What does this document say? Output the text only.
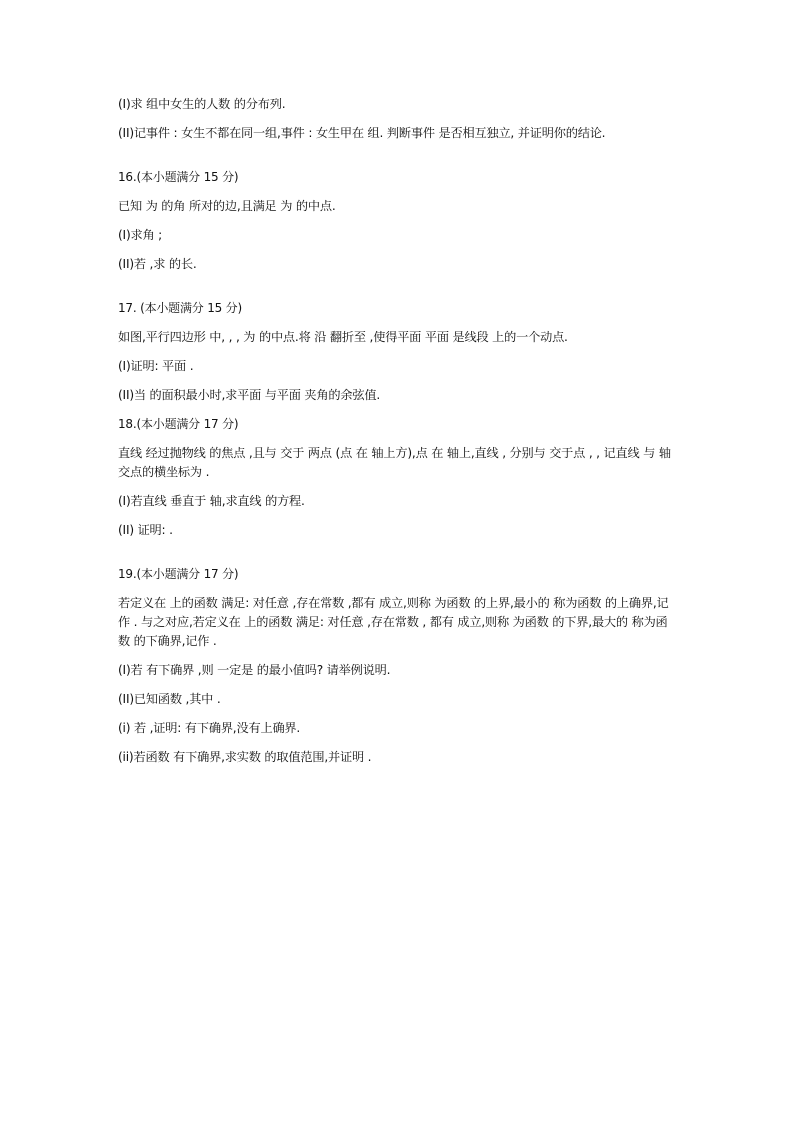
(I)求 组中女生的人数 的分布列.

(II)记事件 : 女生不都在同一组,事件 : 女生甲在 组. 判断事件 是否相互独立, 并证明你的结论.

16.(本小题满分 15 分)

已知 为 的角 所对的边,且满足 为 的中点.

(I)求角 ;

(II)若 ,求 的长.

17. (本小题满分 15 分)

如图,平行四边形 中, , , 为 的中点.将 沿 翻折至 ,使得平面 平面 是线段 上的一个动点.

(I)证明: 平面 .

(II)当 的面积最小时,求平面 与平面 夹角的余弦值.

18.(本小题满分 17 分)

直线 经过抛物线 的焦点 ,且与 交于 两点 (点 在 轴上方),点 在 轴上,直线 , 分别与 交于点 , , 记直线 与 轴交点的横坐标为 .

(I)若直线 垂直于 轴,求直线 的方程.

(II) 证明: .

19.(本小题满分 17 分)

若定义在 上的函数 满足: 对任意 ,存在常数 ,都有 成立,则称 为函数 的上界,最小的 称为函数 的上确界,记作 . 与之对应,若定义在 上的函数 满足: 对任意 ,存在常数 , 都有 成立,则称 为函数 的下界,最大的 称为函数 的下确界,记作 .

(I)若 有下确界 ,则 一定是 的最小值吗? 请举例说明.

(II)已知函数 ,其中 .

(i) 若 ,证明: 有下确界,没有上确界.

(ii)若函数 有下确界,求实数 的取值范围,并证明 .
